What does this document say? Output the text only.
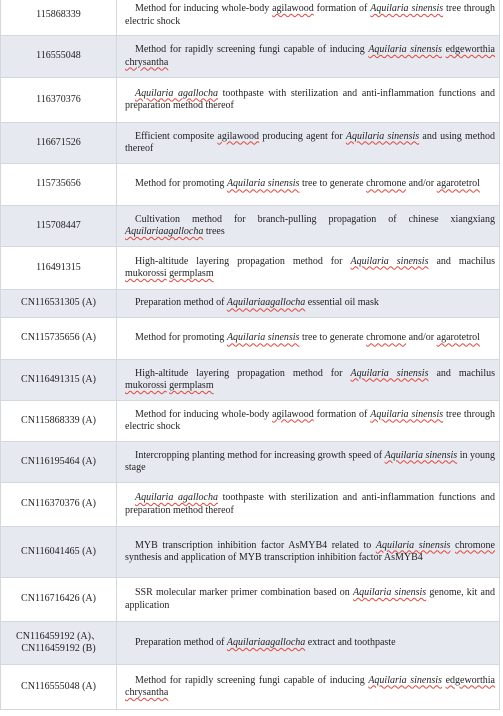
115868339	Method for inducing whole-body agilawood formation of Aquilaria sinensis tree through electric shock

116555048	Method for rapidly screening fungi capable of inducing Aquilaria sinensis edgeworthia chrysantha

116370376	Aquilaria agallocha toothpaste with sterilization and anti-inflammation functions and preparation method thereof

116671526	Efficient composite agilawood producing agent for Aquilaria sinensis and using method thereof

115735656	Method for promoting Aquilaria sinensis tree to generate chromone and/or agarotetrol

115708447	Cultivation method for branch-pulling propagation of chinese xiangxiang Aquilariaagallocha trees

116491315	High-altitude layering propagation method for Aquilaria sinensis and machilus mukorossi germplasm

CN116531305 (A)	Preparation method of Aquilariaagallocha essential oil mask

CN115735656 (A)	Method for promoting Aquilaria sinensis tree to generate chromone and/or agarotetrol

CN116491315 (A)	High-altitude layering propagation method for Aquilaria sinensis and machilus mukorossi germplasm

CN115868339 (A)	Method for inducing whole-body agilawood formation of Aquilaria sinensis tree through electric shock

CN116195464 (A)	Intercropping planting method for increasing growth speed of Aquilaria sinensis in young stage

CN116370376 (A)	Aquilaria agallocha toothpaste with sterilization and anti-inflammation functions and preparation method thereof

CN116041465 (A)	MYB transcription inhibition factor AsMYB4 related to Aquilaria sinensis chromone synthesis and application of MYB transcription inhibition factor AsMYB4

CN116716426 (A)	SSR molecular marker primer combination based on Aquilaria sinensis genome, kit and application

CN116459192 (A)、CN116459192 (B)	Preparation method of Aquilariaagallocha extract and toothpaste

CN116555048 (A)	Method for rapidly screening fungi capable of inducing Aquilaria sinensis edgeworthia chrysantha
